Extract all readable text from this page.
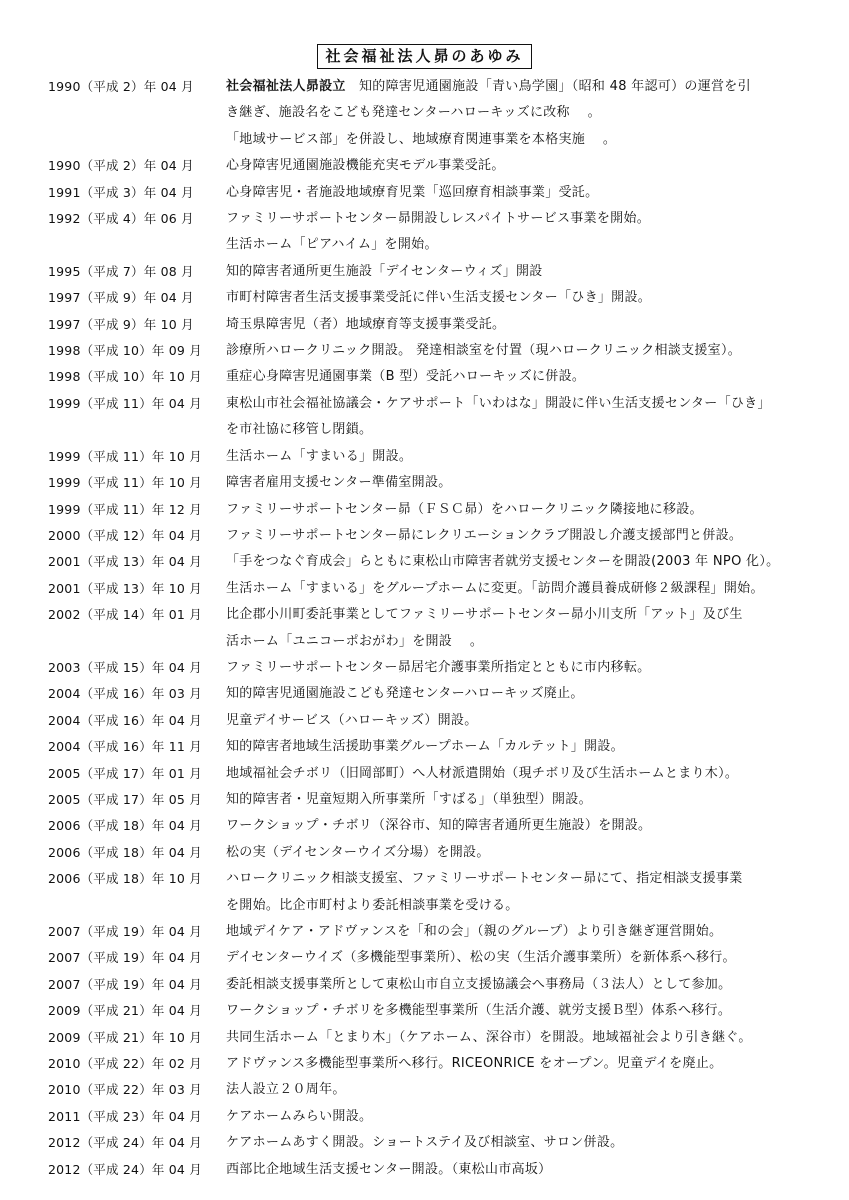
社会福祉法人昴のあゆみ
1990（平成 2）年 04 月	社会福祉法人昴設立　知的障害児通園施設「青い鳥学園」（昭和 48 年認可）の運営を引
き継ぎ、施設名をこども発達センターハローキッズに改称 　。
「地域サービス部」を併設し、地域療育関連事業を本格実施 　。
1990（平成 2）年 04 月	心身障害児通園施設機能充実モデル事業受託。
1991（平成 3）年 04 月	心身障害児・者施設地域療育児業「巡回療育相談事業」受託。
1992（平成 4）年 06 月	ファミリーサポートセンター昴開設しレスパイトサービス事業を開始。
生活ホーム「ピアハイム」を開始。
1995（平成 7）年 08 月	知的障害者通所更生施設「デイセンターウィズ」開設
1997（平成 9）年 04 月	市町村障害者生活支援事業受託に伴い生活支援センター「ひき」開設。
1997（平成 9）年 10 月	埼玉県障害児（者）地域療育等支援事業受託。
1998（平成 10）年 09 月	診療所ハロークリニック開設。 発達相談室を付置（現ハロークリニック相談支援室）。
1998（平成 10）年 10 月	重症心身障害児通園事業（B 型）受託ハローキッズに併設。
1999（平成 11）年 04 月	東松山市社会福祉協議会・ケアサポート「いわはな」開設に伴い生活支援センター「ひき」
を市社協に移管し閉鎖。
1999（平成 11）年 10 月	生活ホーム「すまいる」開設。
1999（平成 11）年 10 月	障害者雇用支援センター準備室開設。
1999（平成 11）年 12 月	ファミリーサポートセンター昴（ＦＳＣ昴）をハロークリニック隣接地に移設。
2000（平成 12）年 04 月	ファミリーサポートセンター昴にレクリエーションクラブ開設し介護支援部門と併設。
2001（平成 13）年 04 月	「手をつなぐ育成会」らともに東松山市障害者就労支援センターを開設(2003 年 NPO 化）。
2001（平成 13）年 10 月	生活ホーム「すまいる」をグループホームに変更。「訪問介護員養成研修２級課程」開始。
2002（平成 14）年 01 月	比企郡小川町委託事業としてファミリーサポートセンター昴小川支所「アット」及び生
活ホーム「ユニコーポおがわ」を開設 　。
2003（平成 15）年 04 月	ファミリーサポートセンター昴居宅介護事業所指定とともに市内移転。
2004（平成 16）年 03 月	知的障害児通園施設こども発達センターハローキッズ廃止。
2004（平成 16）年 04 月	児童デイサービス（ハローキッズ）開設。
2004（平成 16）年 11 月	知的障害者地域生活援助事業グループホーム「カルテット」開設。
2005（平成 17）年 01 月	地域福祉会チボリ（旧岡部町）へ人材派遣開始（現チボリ及び生活ホームとまり木）。
2005（平成 17）年 05 月	知的障害者・児童短期入所事業所「すばる」（単独型）開設。
2006（平成 18）年 04 月	ワークショップ・チボリ（深谷市、知的障害者通所更生施設）を開設。
2006（平成 18）年 04 月	松の実（デイセンターウイズ分場）を開設。
2006（平成 18）年 10 月	ハロークリニック相談支援室、ファミリーサポートセンター昴にて、指定相談支援事業
を開始。比企市町村より委託相談事業を受ける。
2007（平成 19）年 04 月	地域デイケア・アドヴァンスを「和の会」（親のグループ）より引き継ぎ運営開始。
2007（平成 19）年 04 月	デイセンターウイズ（多機能型事業所）、松の実（生活介護事業所）を新体系へ移行。
2007（平成 19）年 04 月	委託相談支援事業所として東松山市自立支援協議会へ事務局（３法人）として参加。
2009（平成 21）年 04 月	ワークショップ・チボリを多機能型事業所（生活介護、就労支援Ｂ型）体系へ移行。
2009（平成 21）年 10 月	共同生活ホーム「とまり木」（ケアホーム、深谷市）を開設。地域福祉会より引き継ぐ。
2010（平成 22）年 02 月	アドヴァンス多機能型事業所へ移行。RICEONRICE をオープン。児童デイを廃止。
2010（平成 22）年 03 月	法人設立２０周年。
2011（平成 23）年 04 月	ケアホームみらい開設。
2012（平成 24）年 04 月	ケアホームあすく開設。ショートステイ及び相談室、サロン併設。
2012（平成 24）年 04 月	西部比企地域生活支援センター開設。（東松山市高坂）
